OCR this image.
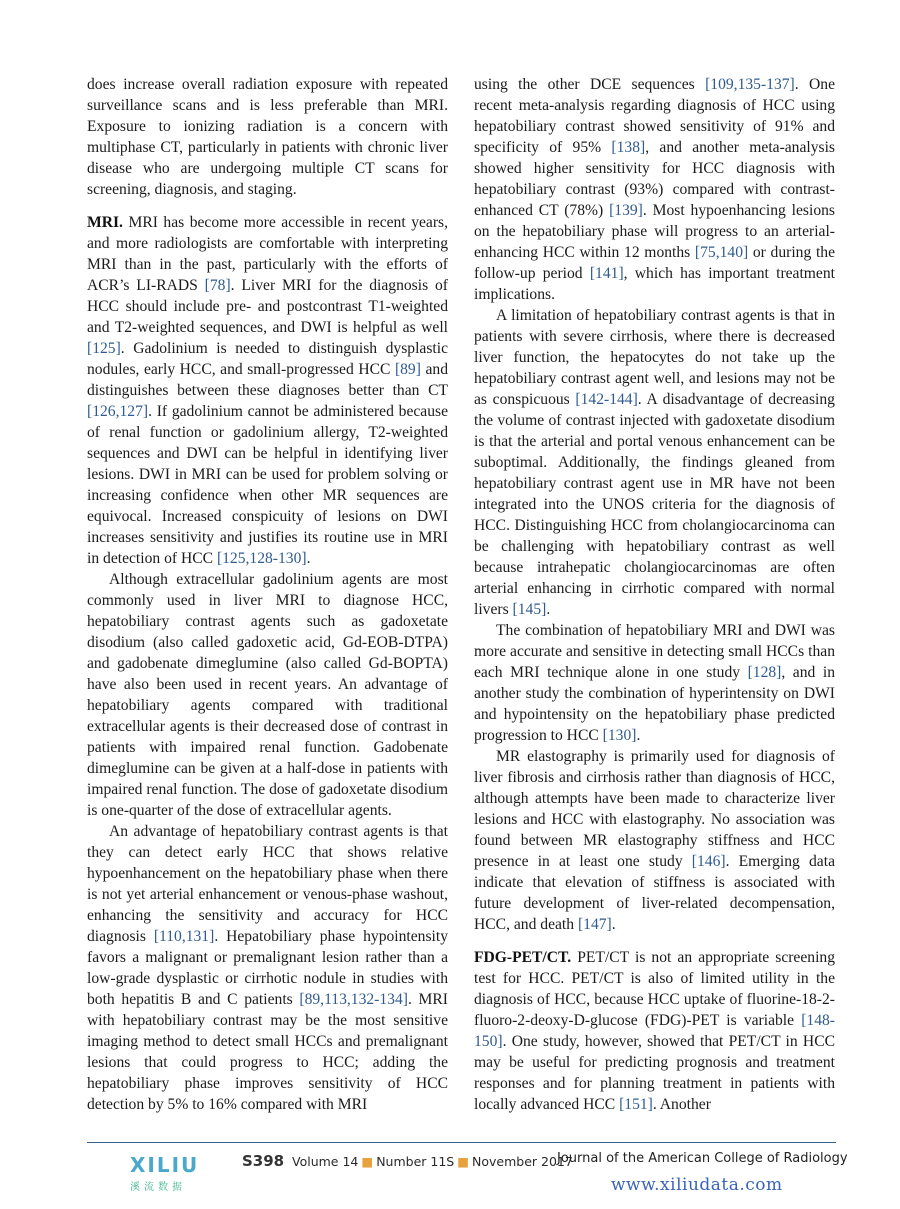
does increase overall radiation exposure with repeated surveillance scans and is less preferable than MRI. Exposure to ionizing radiation is a concern with multiphase CT, particularly in patients with chronic liver disease who are undergoing multiple CT scans for screening, diagnosis, and staging.

MRI. MRI has become more accessible in recent years, and more radiologists are comfortable with interpreting MRI than in the past, particularly with the efforts of ACR’s LI-RADS [78]. Liver MRI for the diagnosis of HCC should include pre- and postcontrast T1-weighted and T2-weighted sequences, and DWI is helpful as well [125]. Gadolinium is needed to distinguish dysplastic nodules, early HCC, and small-progressed HCC [89] and distinguishes between these diagnoses better than CT [126,127]. If gadolinium cannot be administered because of renal function or gadolinium allergy, T2-weighted sequences and DWI can be helpful in identifying liver lesions. DWI in MRI can be used for problem solving or increasing confidence when other MR sequences are equivocal. Increased conspicuity of lesions on DWI increases sensitivity and justifies its routine use in MRI in detection of HCC [125,128-130].

Although extracellular gadolinium agents are most commonly used in liver MRI to diagnose HCC, hepatobiliary contrast agents such as gadoxetate disodium (also called gadoxetic acid, Gd-EOB-DTPA) and gadobenate dimeglumine (also called Gd-BOPTA) have also been used in recent years. An advantage of hepatobiliary agents compared with traditional extracellular agents is their decreased dose of contrast in patients with impaired renal function. Gadobenate dimeglumine can be given at a half-dose in patients with impaired renal function. The dose of gadoxetate disodium is one-quarter of the dose of extracellular agents.

An advantage of hepatobiliary contrast agents is that they can detect early HCC that shows relative hypoenhancement on the hepatobiliary phase when there is not yet arterial enhancement or venous-phase washout, enhancing the sensitivity and accuracy for HCC diagnosis [110,131]. Hepatobiliary phase hypointensity favors a malignant or premalignant lesion rather than a low-grade dysplastic or cirrhotic nodule in studies with both hepatitis B and C patients [89,113,132-134]. MRI with hepatobiliary contrast may be the most sensitive imaging method to detect small HCCs and premalignant lesions that could progress to HCC; adding the hepatobiliary phase improves sensitivity of HCC detection by 5% to 16% compared with MRI

using the other DCE sequences [109,135-137]. One recent meta-analysis regarding diagnosis of HCC using hepatobiliary contrast showed sensitivity of 91% and specificity of 95% [138], and another meta-analysis showed higher sensitivity for HCC diagnosis with hepatobiliary contrast (93%) compared with contrast-enhanced CT (78%) [139]. Most hypoenhancing lesions on the hepatobiliary phase will progress to an arterial-enhancing HCC within 12 months [75,140] or during the follow-up period [141], which has important treatment implications.

A limitation of hepatobiliary contrast agents is that in patients with severe cirrhosis, where there is decreased liver function, the hepatocytes do not take up the hepatobiliary contrast agent well, and lesions may not be as conspicuous [142-144]. A disadvantage of decreasing the volume of contrast injected with gadoxetate disodium is that the arterial and portal venous enhancement can be suboptimal. Additionally, the findings gleaned from hepatobiliary contrast agent use in MR have not been integrated into the UNOS criteria for the diagnosis of HCC. Distinguishing HCC from cholangiocarcinoma can be challenging with hepatobiliary contrast as well because intrahepatic cholangiocarcinomas are often arterial enhancing in cirrhotic compared with normal livers [145].

The combination of hepatobiliary MRI and DWI was more accurate and sensitive in detecting small HCCs than each MRI technique alone in one study [128], and in another study the combination of hyperintensity on DWI and hypointensity on the hepatobiliary phase predicted progression to HCC [130].

MR elastography is primarily used for diagnosis of liver fibrosis and cirrhosis rather than diagnosis of HCC, although attempts have been made to characterize liver lesions and HCC with elastography. No association was found between MR elastography stiffness and HCC presence in at least one study [146]. Emerging data indicate that elevation of stiffness is associated with future development of liver-related decompensation, HCC, and death [147].

FDG-PET/CT. PET/CT is not an appropriate screening test for HCC. PET/CT is also of limited utility in the diagnosis of HCC, because HCC uptake of fluorine-18-2-fluoro-2-deoxy-D-glucose (FDG)-PET is variable [148-150]. One study, however, showed that PET/CT in HCC may be useful for predicting prognosis and treatment responses and for planning treatment in patients with locally advanced HCC [151]. Another

XILIU
溪流数据
S398 Volume 14 ■ Number 11S ■ November 2017
Journal of the American College of Radiology
www.xiliudata.com
